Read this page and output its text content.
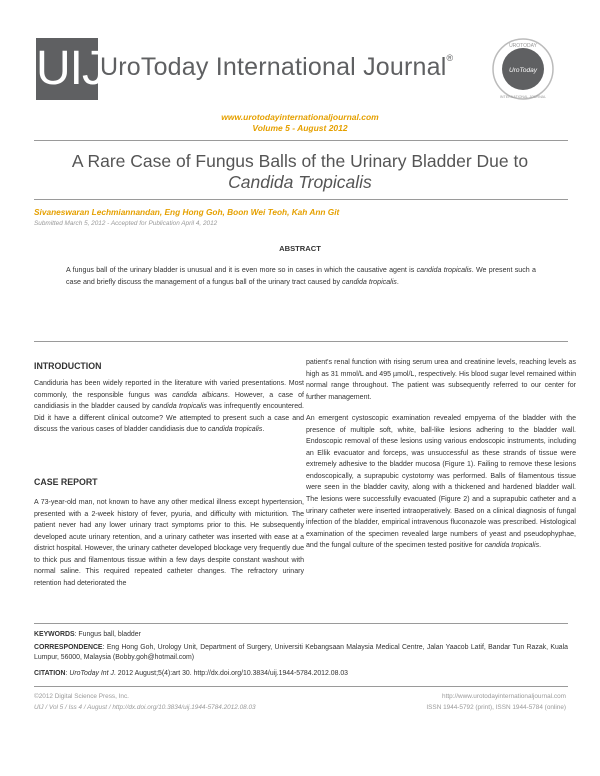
UIJ
UroToday International Journal®
UROTODAY
UroToday
INTERNATIONAL JOURNAL
www.urotodayinternationaljournal.com
Volume 5 - August 2012
A Rare Case of Fungus Balls of the Urinary Bladder Due to
Candida Tropicalis
Sivaneswaran Lechmiannandan, Eng Hong Goh, Boon Wei Teoh, Kah Ann Git
Submitted March 5, 2012 - Accepted for Publication April 4, 2012
ABSTRACT
A fungus ball of the urinary bladder is unusual and it is even more so in cases in which the causative agent is candida tropicalis. We present such a case and briefly discuss the management of a fungus ball of the urinary tract caused by candida tropicalis.
INTRODUCTION
Candiduria has been widely reported in the literature with varied presentations. Most commonly, the responsible fungus was candida albicans. However, a case of candidiasis in the bladder caused by candida tropicalis was infrequently encountered. Did it have a different clinical outcome? We attempted to present such a case and discuss the various cases of bladder candidiasis due to candida tropicalis.
CASE REPORT
A 73-year-old man, not known to have any other medical illness except hypertension, presented with a 2-week history of fever, pyuria, and difficulty with micturition. The patient never had any lower urinary tract symptoms prior to this. He subsequently developed acute urinary retention, and a urinary catheter was inserted with ease at a district hospital. However, the urinary catheter developed blockage very frequently due to thick pus and filamentous tissue within a few days despite constant washout with normal saline. This required repeated catheter changes. The refractory urinary retention had deteriorated the

patient's renal function with rising serum urea and creatinine levels, reaching levels as high as 31 mmol/L and 495 µmol/L, respectively. His blood sugar level remained within normal range throughout. The patient was subsequently referred to our center for further management.

An emergent cystoscopic examination revealed empyema of the bladder with the presence of multiple soft, white, ball-like lesions adhering to the bladder wall. Endoscopic removal of these lesions using various endoscopic instruments, including an Ellik evacuator and forceps, was unsuccessful as these strands of tissue were extremely adhesive to the bladder mucosa (Figure 1). Failing to remove these lesions endoscopically, a suprapubic cystotomy was performed. Balls of filamentous tissue were seen in the bladder cavity, along with a thickened and hardened bladder wall. The lesions were successfully evacuated (Figure 2) and a suprapubic catheter and a urinary catheter were inserted intraoperatively. Based on a clinical diagnosis of fungal infection of the bladder, empirical intravenous fluconazole was prescribed. Histological examination of the specimen revealed large numbers of yeast and pseudophyphae, and the fungal culture of the specimen tested positive for candida tropicalis.

KEYWORDS: Fungus ball, bladder
CORRESPONDENCE: Eng Hong Goh, Urology Unit, Department of Surgery, Universiti Kebangsaan Malaysia Medical Centre, Jalan Yaacob Latif, Bandar Tun Razak, Kuala Lumpur, 56000, Malaysia (Bobby.goh@hotmail.com)
CITATION: UroToday Int J. 2012 August;5(4):art 30. http://dx.doi.org/10.3834/uij.1944-5784.2012.08.03
©2012 Digital Science Press, Inc.
UIJ / Vol 5 / Iss 4 / August / http://dx.doi.org/10.3834/uij.1944-5784.2012.08.03
http://www.urotodayinternationaljournal.com
ISSN 1944-5792 (print), ISSN 1944-5784 (online)
